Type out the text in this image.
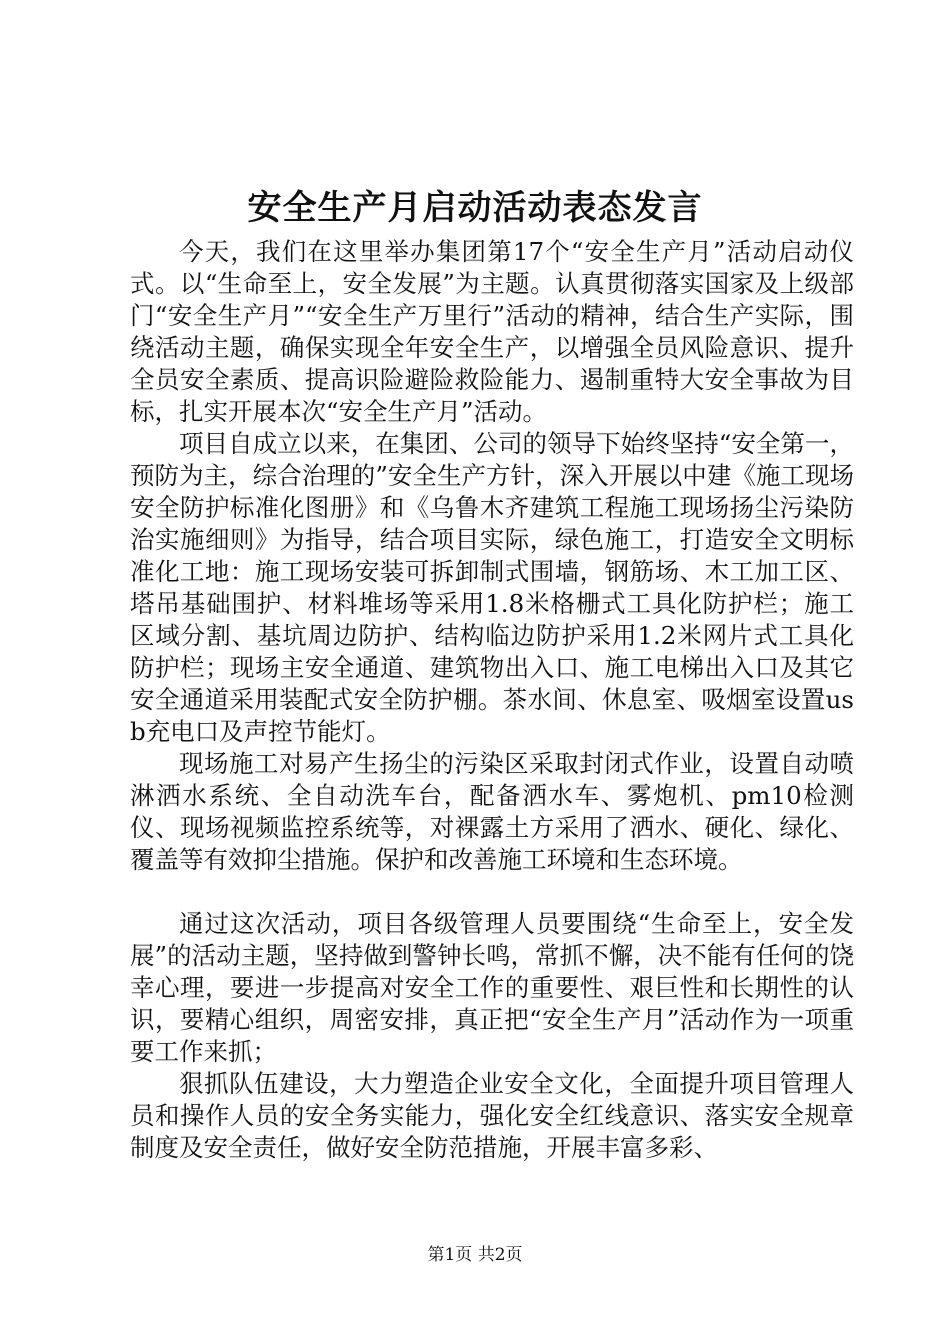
安全生产月启动活动表态发言

今天，我们在这里举办集团第17个“安全生产月”活动启动仪式。以“生命至上，安全发展”为主题。认真贯彻落实国家及上级部门“安全生产月”“安全生产万里行”活动的精神，结合生产实际，围绕活动主题，确保实现全年安全生产，以增强全员风险意识、提升全员安全素质、提高识险避险救险能力、遏制重特大安全事故为目标，扎实开展本次“安全生产月”活动。

项目自成立以来，在集团、公司的领导下始终坚持“安全第一，预防为主，综合治理的”安全生产方针，深入开展以中建《施工现场安全防护标准化图册》和《乌鲁木齐建筑工程施工现场扬尘污染防治实施细则》为指导，结合项目实际，绿色施工，打造安全文明标准化工地：施工现场安装可拆卸制式围墙，钢筋场、木工加工区、塔吊基础围护、材料堆场等采用1.8米格栅式工具化防护栏；施工区域分割、基坑周边防护、结构临边防护采用1.2米网片式工具化防护栏；现场主安全通道、建筑物出入口、施工电梯出入口及其它安全通道采用装配式安全防护棚。茶水间、休息室、吸烟室设置usb充电口及声控节能灯。

现场施工对易产生扬尘的污染区采取封闭式作业，设置自动喷淋洒水系统、全自动洗车台，配备洒水车、雾炮机、pm10检测仪、现场视频监控系统等，对裸露土方采用了洒水、硬化、绿化、覆盖等有效抑尘措施。保护和改善施工环境和生态环境。

通过这次活动，项目各级管理人员要围绕“生命至上，安全发展”的活动主题，坚持做到警钟长鸣，常抓不懈，决不能有任何的饶幸心理，要进一步提高对安全工作的重要性、艰巨性和长期性的认识，要精心组织，周密安排，真正把“安全生产月”活动作为一项重要工作来抓；

狠抓队伍建设，大力塑造企业安全文化，全面提升项目管理人员和操作人员的安全务实能力，强化安全红线意识、落实安全规章制度及安全责任，做好安全防范措施，开展丰富多彩、

第1页 共2页
